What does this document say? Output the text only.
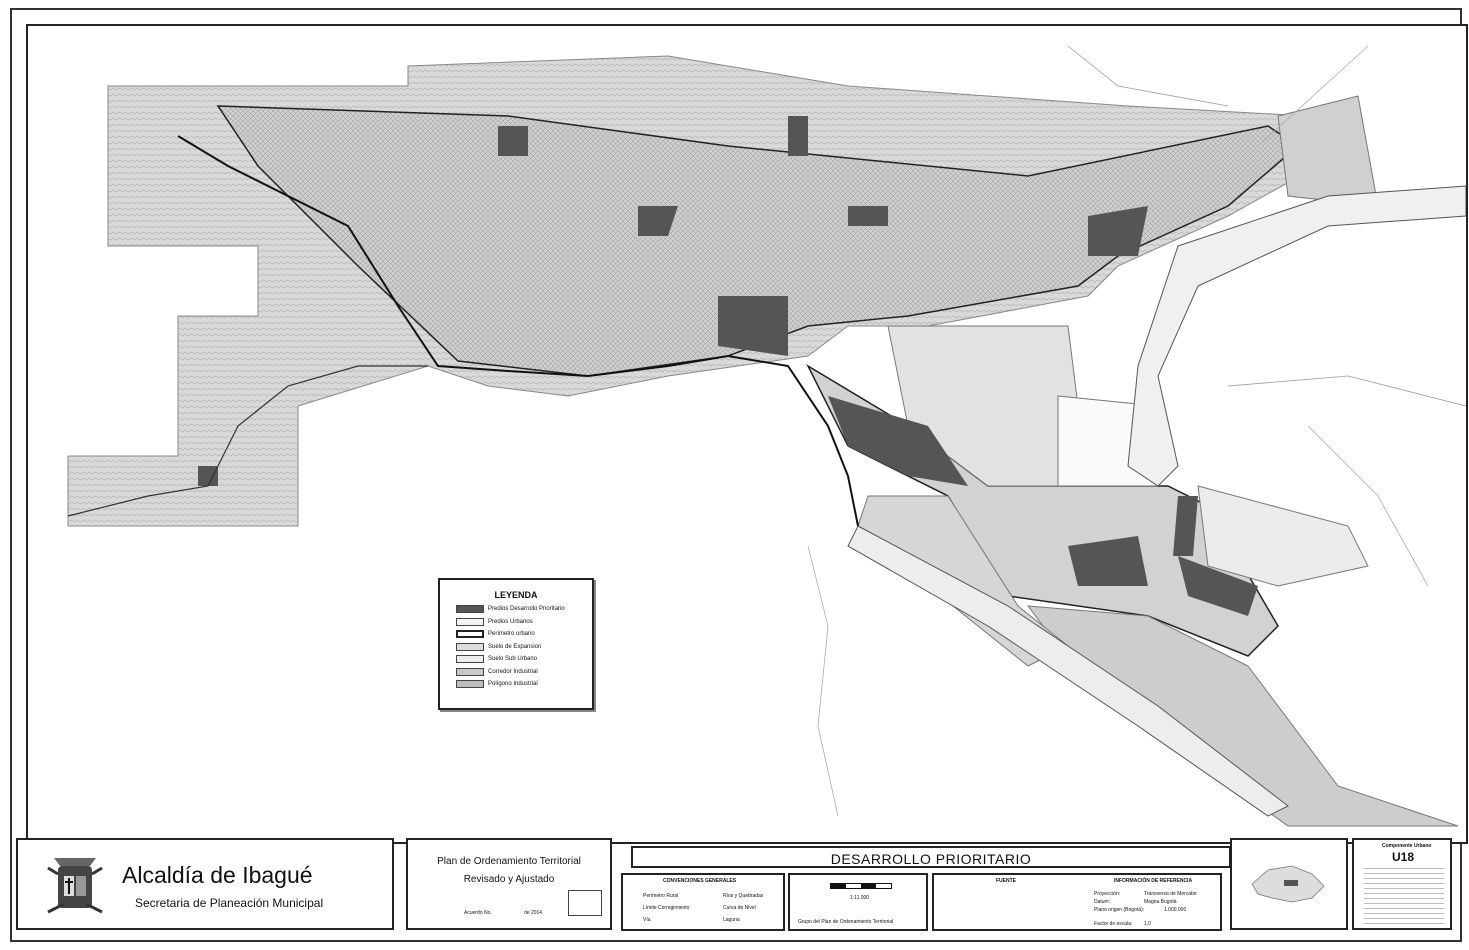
LEYENDA
Predios Desarrollo Prioritario
Predios Urbanos
Perímetro urbano
Suelo de Expansion
Suelo Sub Urbano
Corredor Industrial
Polígono Industrial
Alcaldía de Ibagué
Secretaria de Planeación Municipal
Plan de Ordenamiento Territorial
Revisado y Ajustado
Acuerdo No.	de 2014
DESARROLLO PRIORITARIO
CONVENCIONES GENERALES
Perímetro Rural	Ríos y Quebradas
Límite Corregimiento	Curva de Nivel
Vía	Laguna
1:11.000
Grupo del Plan de Ordenamiento Territorial
FUENTE	INFORMACIÓN DE REFERENCIA
Proyección:	Transversa de Mercator
Datum:	Magna Bogotá
Plano origen (Bogotá):	1.000.000
Factor de escala: 1,0
Componente Urbano
U18
